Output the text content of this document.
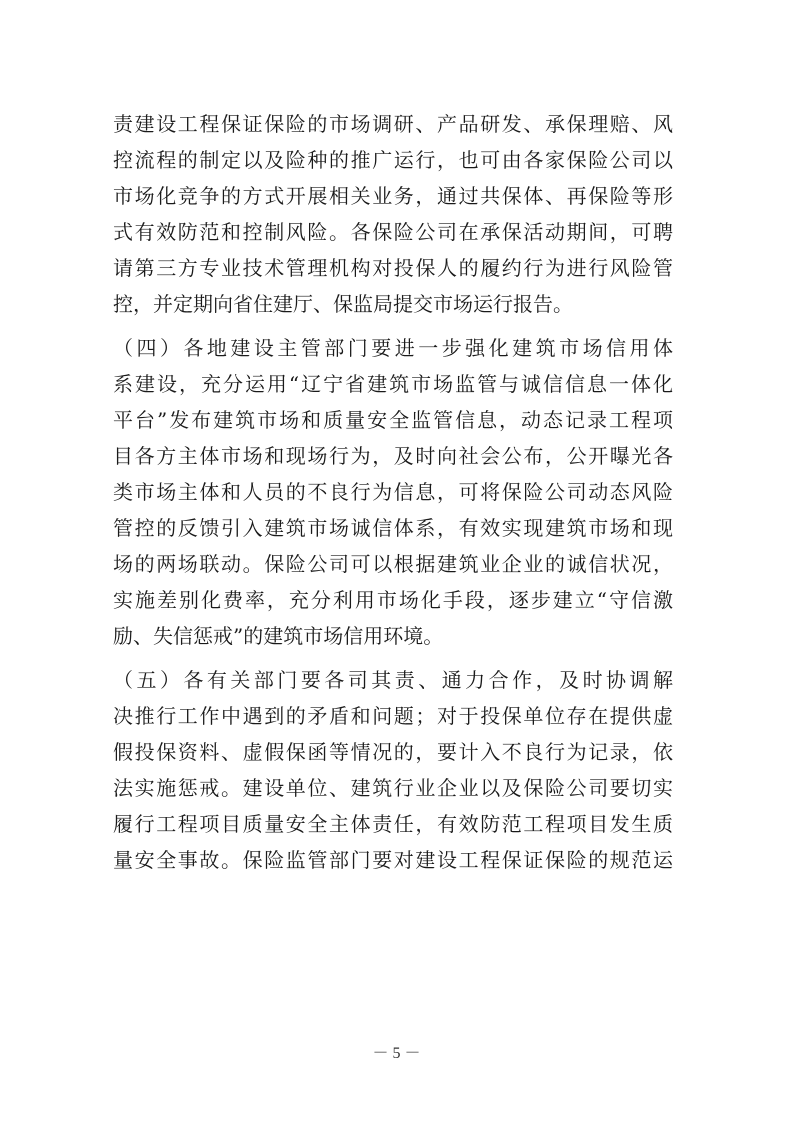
责建设工程保证保险的市场调研、产品研发、承保理赔、风
控流程的制定以及险种的推广运行，也可由各家保险公司以
市场化竞争的方式开展相关业务，通过共保体、再保险等形
式有效防范和控制风险。各保险公司在承保活动期间，可聘
请第三方专业技术管理机构对投保人的履约行为进行风险管
控，并定期向省住建厅、保监局提交市场运行报告。
（四）各地建设主管部门要进一步强化建筑市场信用体
系建设，充分运用“辽宁省建筑市场监管与诚信信息一体化
平台”发布建筑市场和质量安全监管信息，动态记录工程项
目各方主体市场和现场行为，及时向社会公布，公开曝光各
类市场主体和人员的不良行为信息，可将保险公司动态风险
管控的反馈引入建筑市场诚信体系，有效实现建筑市场和现
场的两场联动。保险公司可以根据建筑业企业的诚信状况，
实施差别化费率，充分利用市场化手段，逐步建立“守信激
励、失信惩戒”的建筑市场信用环境。
（五）各有关部门要各司其责、通力合作，及时协调解
决推行工作中遇到的矛盾和问题；对于投保单位存在提供虚
假投保资料、虚假保函等情况的，要计入不良行为记录，依
法实施惩戒。建设单位、建筑行业企业以及保险公司要切实
履行工程项目质量安全主体责任，有效防范工程项目发生质
量安全事故。保险监管部门要对建设工程保证保险的规范运
－ 5 －
